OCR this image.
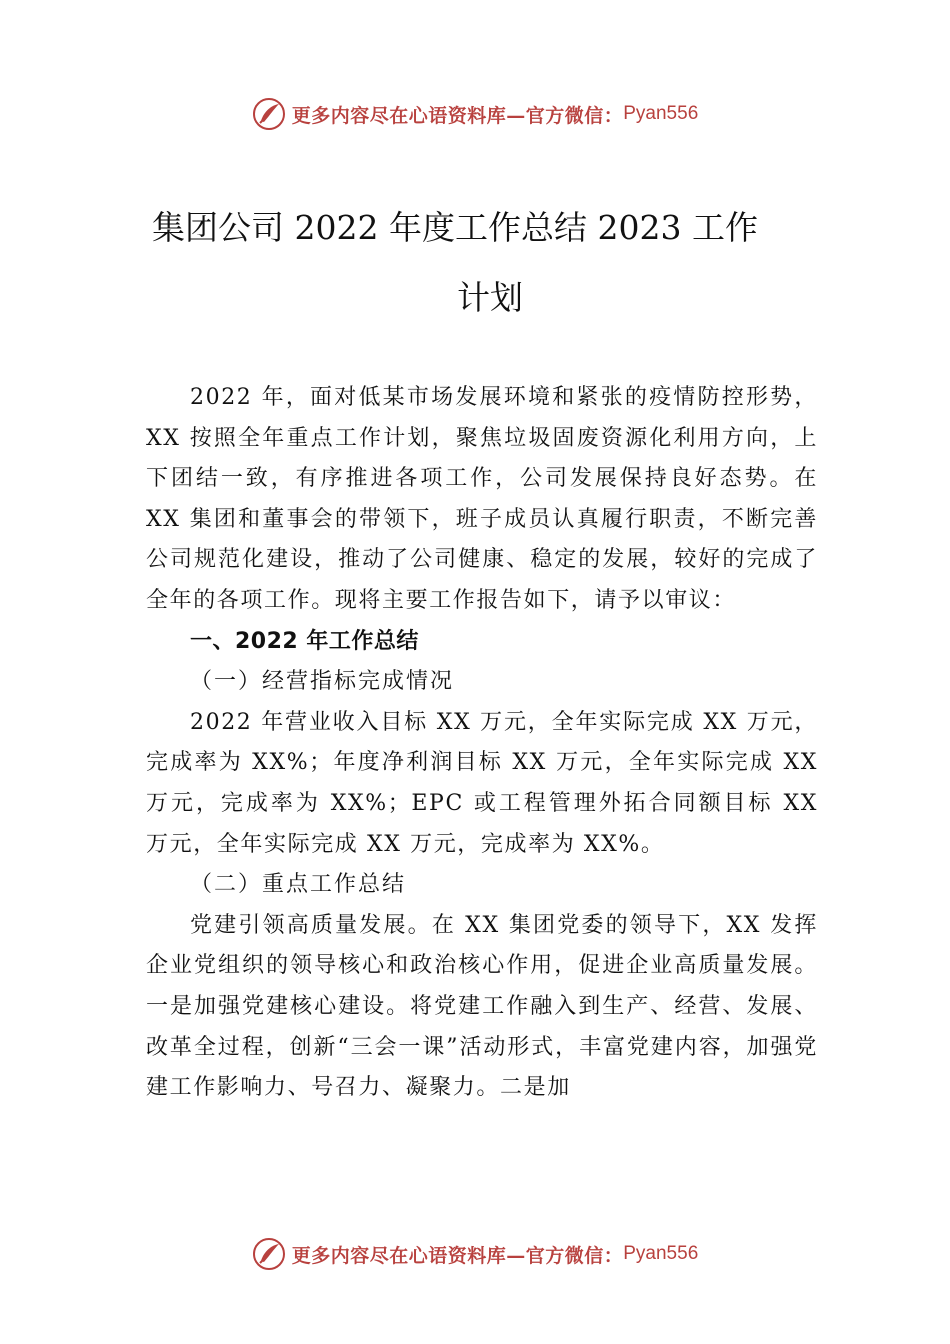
更多内容尽在心语资料库—官方微信： Pyan556
集团公司 2022 年度工作总结 2023 工作
计划

2022 年，面对低某市场发展环境和紧张的疫情防控形势，XX 按照全年重点工作计划，聚焦垃圾固废资源化利用方向，上下团结一致，有序推进各项工作，公司发展保持良好态势。在 XX 集团和董事会的带领下，班子成员认真履行职责，不断完善公司规范化建设，推动了公司健康、稳定的发展，较好的完成了全年的各项工作。现将主要工作报告如下，请予以审议：

一、2022 年工作总结

（一）经营指标完成情况

2022 年营业收入目标 XX 万元，全年实际完成 XX 万元，完成率为 XX%；年度净利润目标 XX 万元，全年实际完成 XX 万元，完成率为 XX%；EPC 或工程管理外拓合同额目标 XX 万元，全年实际完成 XX 万元，完成率为 XX%。

（二）重点工作总结

党建引领高质量发展。在 XX 集团党委的领导下，XX 发挥企业党组织的领导核心和政治核心作用，促进企业高质量发展。一是加强党建核心建设。将党建工作融入到生产、经营、发展、改革全过程，创新“三会一课”活动形式，丰富党建内容，加强党建工作影响力、号召力、凝聚力。二是加

更多内容尽在心语资料库—官方微信： Pyan556
